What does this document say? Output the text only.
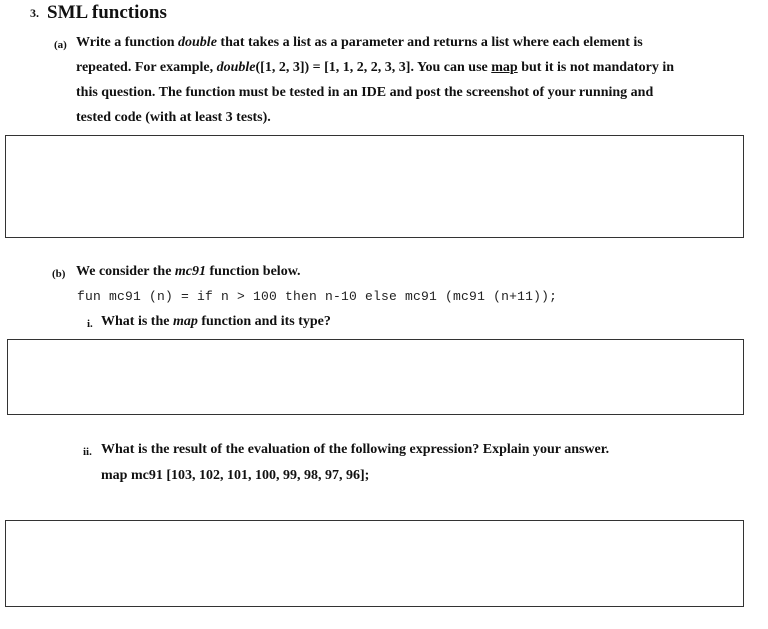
3. SML functions
(a) Write a function double that takes a list as a parameter and returns a list where each element is
repeated. For example, double([1, 2, 3]) = [1, 1, 2, 2, 3, 3]. You can use map but it is not mandatory in
this question. The function must be tested in an IDE and post the screenshot of your running and
tested code (with at least 3 tests).
(b) We consider the mc91 function below.
fun mc91 (n) = if n > 100 then n-10 else mc91 (mc91 (n+11));
i. What is the map function and its type?
ii. What is the result of the evaluation of the following expression? Explain your answer.
map mc91 [103, 102, 101, 100, 99, 98, 97, 96];
